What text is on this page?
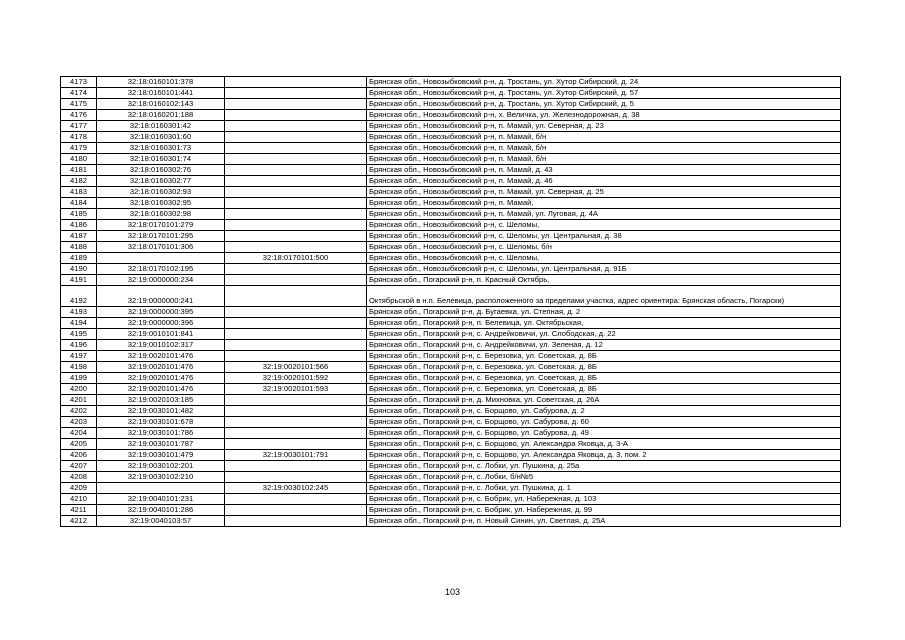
4173	32:18:0160101:378		Брянская обл., Новозыбковский р-н, д. Тростань, ул. Хутор Сибирский, д. 24
4174	32:18:0160101:441		Брянская обл., Новозыбковский р-н, д. Тростань, ул. Хутор Сибирский, д. 57
4175	32:18:0160102:143		Брянская обл., Новозыбковский р-н, д. Тростань, ул. Хутор Сибирский, д. 5
4176	32:18:0160201:188		Брянская обл., Новозыбковский р-н, х. Величка, ул. Железнодорожная, д. 38
4177	32:18:0160301:42		Брянская обл., Новозыбковский р-н, п. Мамай, ул. Северная, д. 23
4178	32:18:0160301:60		Брянская обл., Новозыбковский р-н, п. Мамай, б/н
4179	32:18:0160301:73		Брянская обл., Новозыбковский р-н, п. Мамай, б/н
4180	32:18:0160301:74		Брянская обл., Новозыбковский р-н, п. Мамай, б/н
4181	32:18:0160302:76		Брянская обл., Новозыбковский р-н, п. Мамай, д. 43
4182	32:18:0160302:77		Брянская обл., Новозыбковский р-н, п. Мамай, д. 46
4183	32:18:0160302:93		Брянская обл., Новозыбковский р-н, п. Мамай, ул. Северная, д. 25
4184	32:18:0160302:95		Брянская обл., Новозыбковский р-н, п. Мамай,
4185	32:18:0160302:98		Брянская обл., Новозыбковский р-н, п. Мамай, ул. Луговая, д. 4А
4186	32:18:0170101:279		Брянская обл., Новозыбковский р-н, с. Шеломы,
4187	32:18:0170101:295		Брянская обл., Новозыбковский р-н, с. Шеломы, ул. Центральная, д. 38
4188	32:18:0170101:306		Брянская обл., Новозыбковский р-н, с. Шеломы, б/н
4189		32:18:0170101:500	Брянская обл., Новозыбковский р-н, с. Шеломы,
4190	32:18:0170102:195		Брянская обл., Новозыбковский р-н, с. Шеломы, ул. Центральная, д. 91Б
4191	32:19:0000000:234		Брянская обл., Погарский р-н, п. Красный Октябрь,
4192	32:19:0000000:241		Октябрьской в н.п. Белевица, расположенного за пределами участка, адрес ориентира: Брянская область, Погарски)
4193	32:19:0000000:395		Брянская обл., Погарский р-н, д. Бугаевка, ул. Степная, д. 2
4194	32:19:0000000:396		Брянская обл., Погарский р-н, п. Белевица, ул. Октябрьская,
4195	32:19:0010101:841		Брянская обл., Погарский р-н, с. Андрейковичи, ул. Слободская, д. 22
4196	32:19:0010102:317		Брянская обл., Погарский р-н, с. Андрейковичи, ул. Зеленая, д. 12
4197	32:19:0020101:476		Брянская обл., Погарский р-н, с. Березовка, ул. Советская, д. 8Б
4198	32:19:0020101:476	32:19:0020101:566	Брянская обл., Погарский р-н, с. Березовка, ул. Советская, д. 8Б
4199	32:19:0020101:476	32:19:0020101:592	Брянская обл., Погарский р-н, с. Березовка, ул. Советская, д. 8Б
4200	32:19:0020101:476	32:19:0020101:593	Брянская обл., Погарский р-н, с. Березовка, ул. Советская, д. 8Б
4201	32:19:0020103:185		Брянская обл., Погарский р-н, д. Михновка, ул. Советская, д. 26А
4202	32:19:0030101:482		Брянская обл., Погарский р-н, с. Борщово, ул. Сабурова, д. 2
4203	32:19:0030101:678		Брянская обл., Погарский р-н, с. Борщово, ул. Сабурова, д. 60
4204	32:19:0030101:786		Брянская обл., Погарский р-н, с. Борщово, ул. Сабурова, д. 49
4205	32:19:0030101:787		Брянская обл., Погарский р-н, с. Борщово, ул. Александра Яковца, д. 3-А
4206	32:19:0030101:479	32:19:0030101:791	Брянская обл., Погарский р-н, с. Борщово, ул. Александра Яковца, д. 3, пом. 2
4207	32:19:0030102:201		Брянская обл., Погарский р-н, с. Лобки, ул. Пушкина, д. 25а
4208	32:19:0030102:210		Брянская обл., Погарский р-н, с. Лобки, б/н№5
4209		32:19:0030102:245	Брянская обл., Погарский р-н, с. Лобки, ул. Пушкина, д. 1
4210	32:19:0040101:231		Брянская обл., Погарский р-н, с. Бобрик, ул. Набережная, д. 103
4211	32:19:0040101:286		Брянская обл., Погарский р-н, с. Бобрик, ул. Набережная, д. 99
4212	32:19:0040103:57		Брянская обл., Погарский р-н, п. Новый Синин, ул. Светлая, д. 25А
103
